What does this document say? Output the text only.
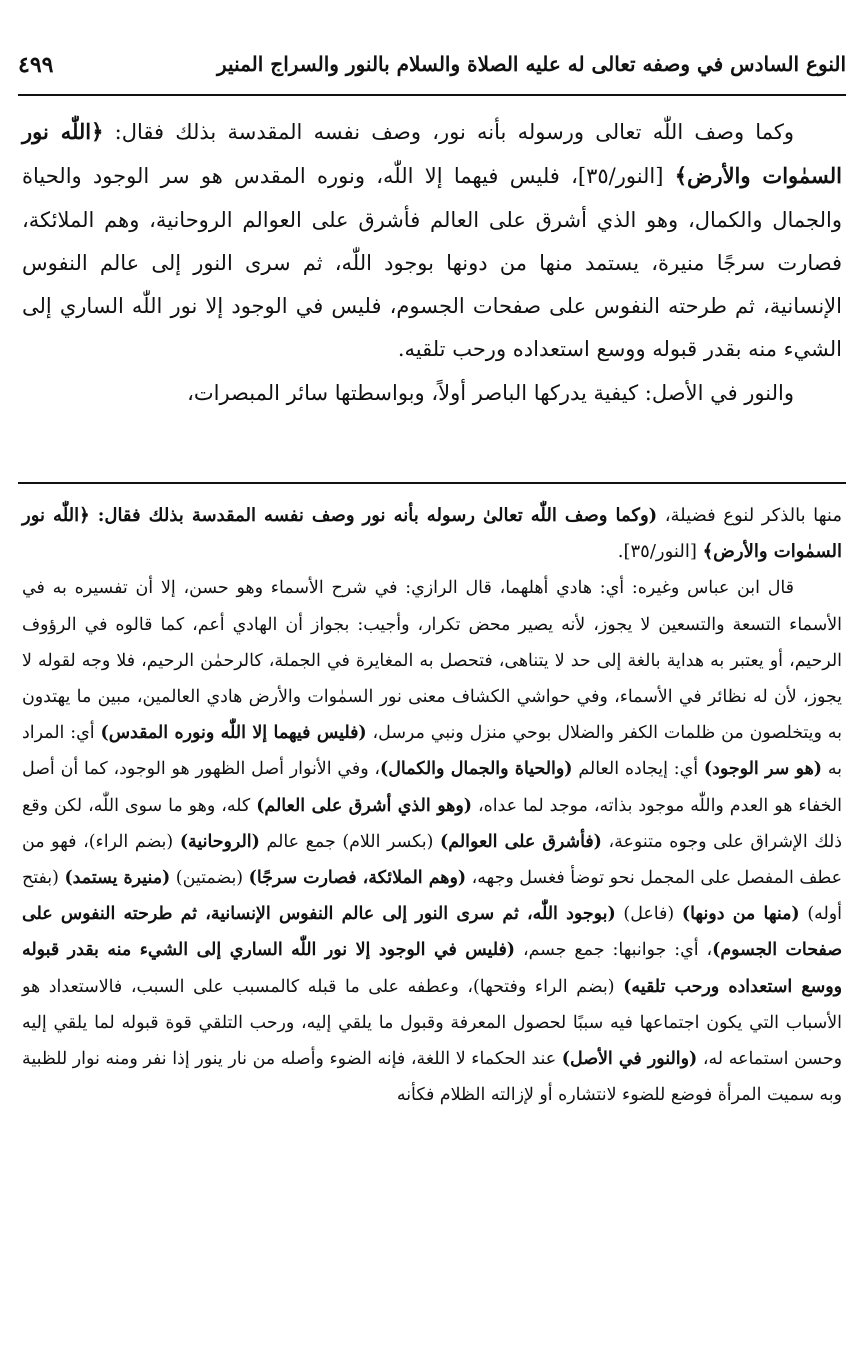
النوع السادس في وصفه تعالى له عليه الصلاة والسلام بالنور والسراج المنير
٤٩٩

وكما وصف اللّٰه تعالى ورسوله بأنه نور، وصف نفسه المقدسة بذلك فقال: ﴿اللّٰه نور السمٰوات والأرض﴾ [النور/٣٥]، فليس فيهما إلا اللّٰه، ونوره المقدس هو سر الوجود والحياة والجمال والكمال، وهو الذي أشرق على العالم فأشرق على العوالم الروحانية، وهم الملائكة، فصارت سرجًا منيرة، يستمد منها من دونها بوجود اللّٰه، ثم سرى النور إلى عالم النفوس الإنسانية، ثم طرحته النفوس على صفحات الجسوم، فليس في الوجود إلا نور اللّٰه الساري إلى الشيء منه بقدر قبوله ووسع استعداده ورحب تلقيه.

والنور في الأصل: كيفية يدركها الباصر أولاً، وبواسطتها سائر المبصرات،

منها بالذكر لنوع فضيلة، (وكما وصف اللّٰه تعالىٰ رسوله بأنه نور وصف نفسه المقدسة بذلك فقال: ﴿اللّٰه نور السمٰوات والأرض﴾ [النور/٣٥].

قال ابن عباس وغيره: أي: هادي أهلهما، قال الرازي: في شرح الأسماء وهو حسن، إلا أن تفسيره به في الأسماء التسعة والتسعين لا يجوز، لأنه يصير محض تكرار، وأجيب: بجواز أن الهادي أعم، كما قالوه في الرؤوف الرحيم، أو يعتبر به هداية بالغة إلى حد لا يتناهى، فتحصل به المغايرة في الجملة، كالرحمٰن الرحيم، فلا وجه لقوله لا يجوز، لأن له نظائر في الأسماء، وفي حواشي الكشاف معنى نور السمٰوات والأرض هادي العالمين، مبين ما يهتدون به ويتخلصون من ظلمات الكفر والضلال بوحي منزل ونبي مرسل، (فليس فيهما إلا اللّٰه ونوره المقدس) أي: المراد به (هو سر الوجود) أي: إيجاده العالم (والحياة والجمال والكمال)، وفي الأنوار أصل الظهور هو الوجود، كما أن أصل الخفاء هو العدم واللّٰه موجود بذاته، موجد لما عداه، (وهو الذي أشرق على العالم) كله، وهو ما سوى اللّٰه، لكن وقع ذلك الإشراق على وجوه متنوعة، (فأشرق على العوالم) (بكسر اللام) جمع عالم (الروحانية) (بضم الراء)، فهو من عطف المفصل على المجمل نحو توضأ فغسل وجهه، (وهم الملائكة، فصارت سرجًا) (بضمتين) (منيرة يستمد) (بفتح أوله) (منها من دونها) (فاعل) (بوجود اللّٰه، ثم سرى النور إلى عالم النفوس الإنسانية، ثم طرحته النفوس على صفحات الجسوم)، أي: جوانبها: جمع جسم، (فليس في الوجود إلا نور اللّٰه الساري إلى الشيء منه بقدر قبوله ووسع استعداده ورحب تلقيه) (بضم الراء وفتحها)، وعطفه على ما قبله كالمسبب على السبب، فالاستعداد هو الأسباب التي يكون اجتماعها فيه سببًا لحصول المعرفة وقبول ما يلقي إليه، ورحب التلقي قوة قبوله لما يلقي إليه وحسن استماعه له، (والنور في الأصل) عند الحكماء لا اللغة، فإنه الضوء وأصله من نار ينور إذا نفر ومنه نوار للظبية وبه سميت المرأة فوضع للضوء لانتشاره أو لإزالته الظلام فكأنه
